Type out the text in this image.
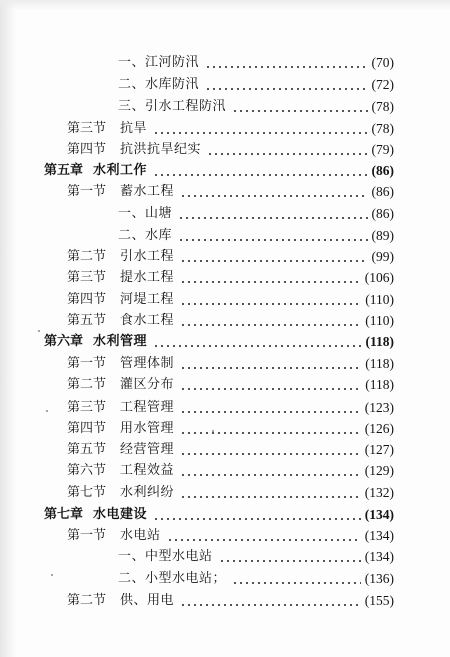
一、江河防汛	(70)
二、水库防汛	(72)
三、引水工程防汛	(78)
第三节 抗旱	(78)
第四节 抗洪抗旱纪实	(79)
第五章 水利工作	(86)
第一节 蓄水工程	(86)
一、山塘	(86)
二、水库	(89)
第二节 引水工程	(99)
第三节 提水工程	(106)
第四节 河堤工程	(110)
第五节 食水工程	(110)
第六章 水利管理	(118)
第一节 管理体制	(118)
第二节 灌区分布	(118)
第三节 工程管理	(123)
第四节 用水管理	(126)
第五节 经营管理	(127)
第六节 工程效益	(129)
第七节 水利纠纷	(132)
第七章 水电建设	(134)
第一节 水电站	(134)
一、中型水电站	(134)
二、小型水电站；	(136)
第二节 供、用电	(155)
